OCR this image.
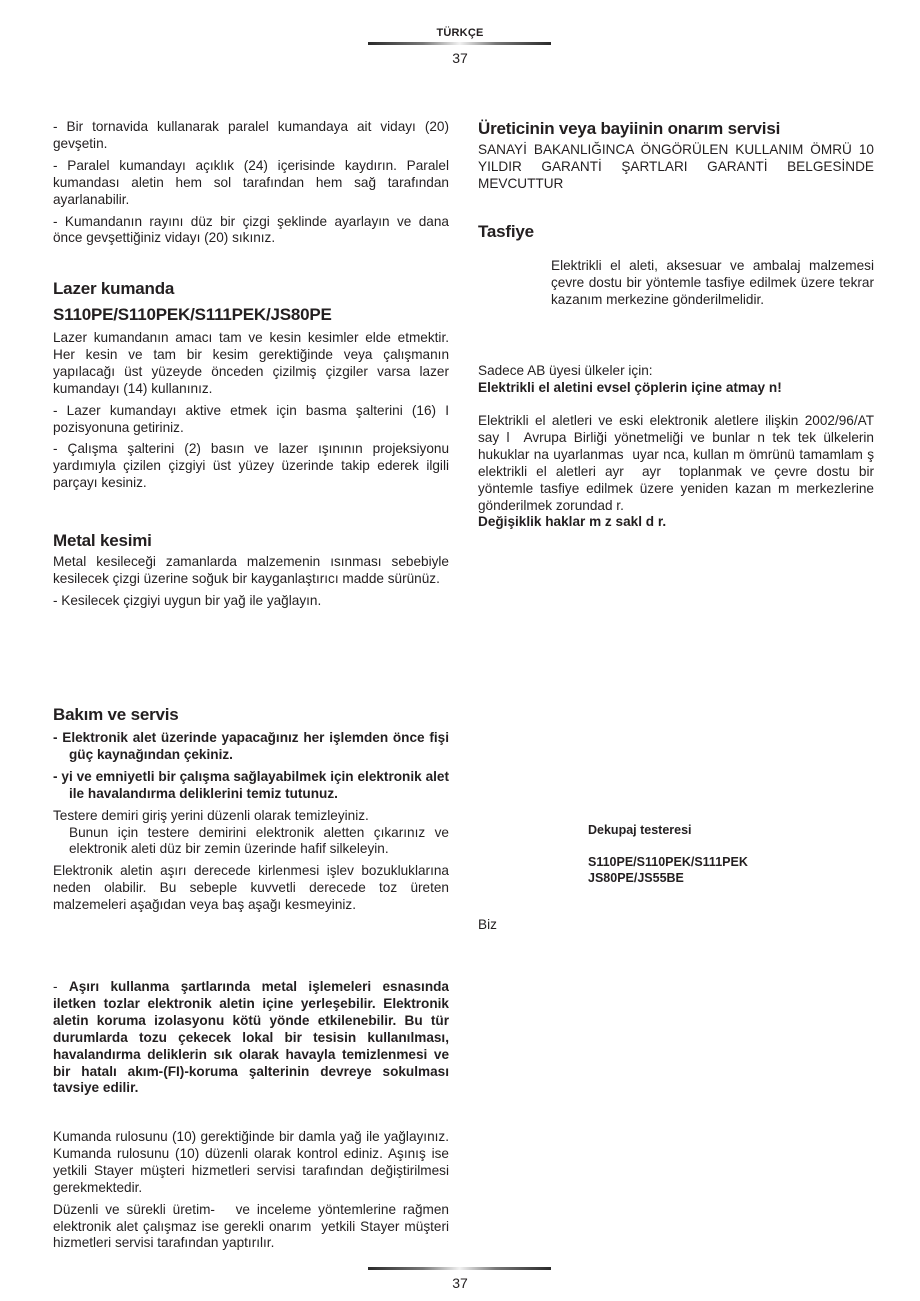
TÜRKÇE
37

- Bir tornavida kullanarak paralel kumandaya ait vidayı (20) gevşetin.

- Paralel kumandayı açıklık (24) içerisinde kaydırın. Paralel kumandası aletin hem sol tarafından hem sağ tarafından ayarlanabilir.

- Kumandanın rayını düz bir çizgi şeklinde ayarlayın ve dana önce gevşettiğiniz vidayı (20) sıkınız.

Lazer kumanda
S110PE/S110PEK/S111PEK/JS80PE

Lazer kumandanın amacı tam ve kesin kesimler elde etmektir. Her kesin ve tam bir kesim gerektiğinde veya çalışmanın yapılacağı üst yüzeyde önceden çizilmiş çizgiler varsa lazer kumandayı (14) kullanınız.

- Lazer kumandayı aktive etmek için basma şalterini (16) I pozisyonuna getiriniz.

- Çalışma şalterini (2) basın ve lazer ışınının projeksiyonu yardımıyla çizilen çizgiyi üst yüzey üzerinde takip ederek ilgili parçayı kesiniz.

Metal kesimi

Metal kesileceği zamanlarda malzemenin ısınması sebebiyle kesilecek çizgi üzerine soğuk bir kayganlaştırıcı madde sürünüz.

- Kesilecek çizgiyi uygun bir yağ ile yağlayın.

Bakım ve servis

- Elektronik alet üzerinde yapacağınız her işlemden önce fişi güç kaynağından çekiniz.

- yi ve emniyetli bir çalışma sağlayabilmek için elektronik alet ile havalandırma deliklerini temiz tutunuz.

Testere demiri giriş yerini düzenli olarak temizleyiniz.

Bunun için testere demirini elektronik aletten çıkarınız ve elektronik aleti düz bir zemin üzerinde hafif silkeleyin.

Elektronik aletin aşırı derecede kirlenmesi işlev bozukluklarına neden olabilir. Bu sebeple kuvvetli derecede toz üreten malzemeleri aşağıdan veya baş aşağı kesmeyiniz.

- Aşırı kullanma şartlarında metal işlemeleri esnasında iletken tozlar elektronik aletin içine yerleşebilir. Elektronik aletin koruma izolasyonu kötü yönde etkilenebilir. Bu tür durumlarda tozu çekecek lokal bir tesisin kullanılması, havalandırma deliklerin sık olarak havayla temizlenmesi ve bir hatalı akım-(FI)-koruma şalterinin devreye sokulması tavsiye edilir.

Kumanda rulosunu (10) gerektiğinde bir damla yağ ile yağlayınız. Kumanda rulosunu (10) düzenli olarak kontrol ediniz. Aşınış ise yetkili Stayer müşteri hizmetleri servisi tarafından değiştirilmesi gerekmektedir.

Düzenli ve sürekli üretim-   ve inceleme yöntemlerine rağmen elektronik alet çalışmaz ise gerekli onarım  yetkili Stayer müşteri hizmetleri servisi tarafından yaptırılır.

Üreticinin veya bayiinin onarım servisi

SANAYİ BAKANLIĞINCA ÖNGÖRÜLEN KULLANIM ÖMRÜ 10 YILDIR GARANTİ ŞARTLARI GARANTİ BELGESİNDE MEVCUTTUR

Tasfiye

Elektrikli el aleti, aksesuar ve ambalaj malzemesi çevre dostu bir yöntemle tasfiye edilmek üzere tekrar kazanım merkezine gönderilmelidir.

Sadece AB üyesi ülkeler için:

Elektrikli el aletini evsel çöplerin içine atmay n!

Elektrikli el aletleri ve eski elektronik aletlere ilişkin 2002/96/AT say l  Avrupa Birliği yönetmeliği ve bunlar n tek tek ülkelerin hukuklar na uyarlanmas  uyar nca, kullan m ömrünü tamamlam ş elektrikli el aletleri ayr  ayr  toplanmak ve çevre dostu bir yöntemle tasfiye edilmek üzere yeniden kazan m merkezlerine gönderilmek zorundad r.

Değişiklik haklar m z sakl d r.

Dekupaj testeresi
S110PE/S110PEK/S111PEK
JS80PE/JS55BE
Biz
37
